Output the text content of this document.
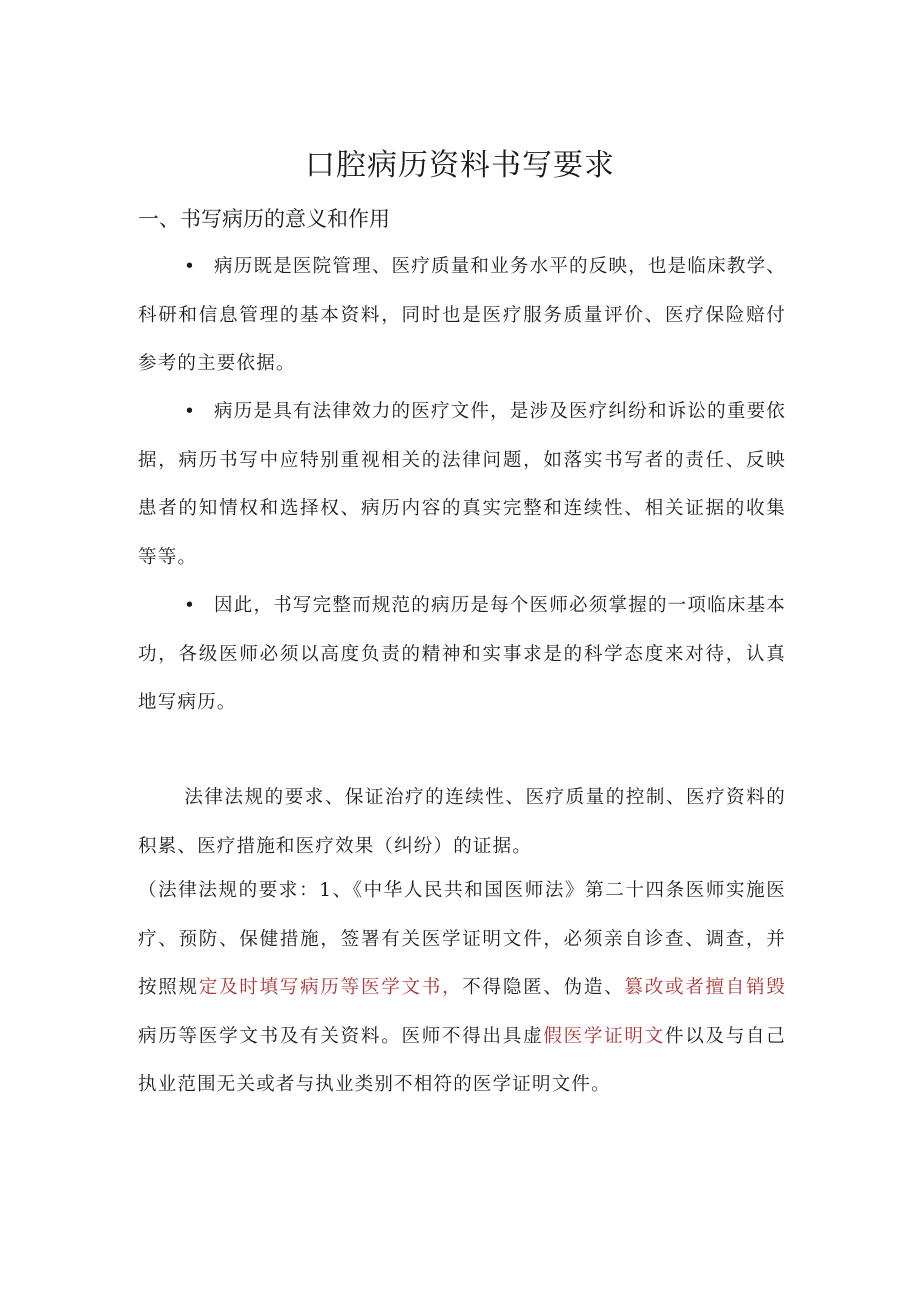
口腔病历资料书写要求
一、书写病历的意义和作用

• 病历既是医院管理、医疗质量和业务水平的反映，也是临床教学、科研和信息管理的基本资料，同时也是医疗服务质量评价、医疗保险赔付参考的主要依据。

• 病历是具有法律效力的医疗文件，是涉及医疗纠纷和诉讼的重要依据，病历书写中应特别重视相关的法律问题，如落实书写者的责任、反映患者的知情权和选择权、病历内容的真实完整和连续性、相关证据的收集等等。

• 因此，书写完整而规范的病历是每个医师必须掌握的一项临床基本功，各级医师必须以高度负责的精神和实事求是的科学态度来对待，认真地写病历。

法律法规的要求、保证治疗的连续性、医疗质量的控制、医疗资料的积累、医疗措施和医疗效果（纠纷）的证据。

（法律法规的要求：1、《中华人民共和国医师法》第二十四条医师实施医疗、预防、保健措施，签署有关医学证明文件，必须亲自诊查、调查，并按照规定及时填写病历等医学文书，不得隐匿、伪造、篡改或者擅自销毁病历等医学文书及有关资料。医师不得出具虚假医学证明文件以及与自己执业范围无关或者与执业类别不相符的医学证明文件。
